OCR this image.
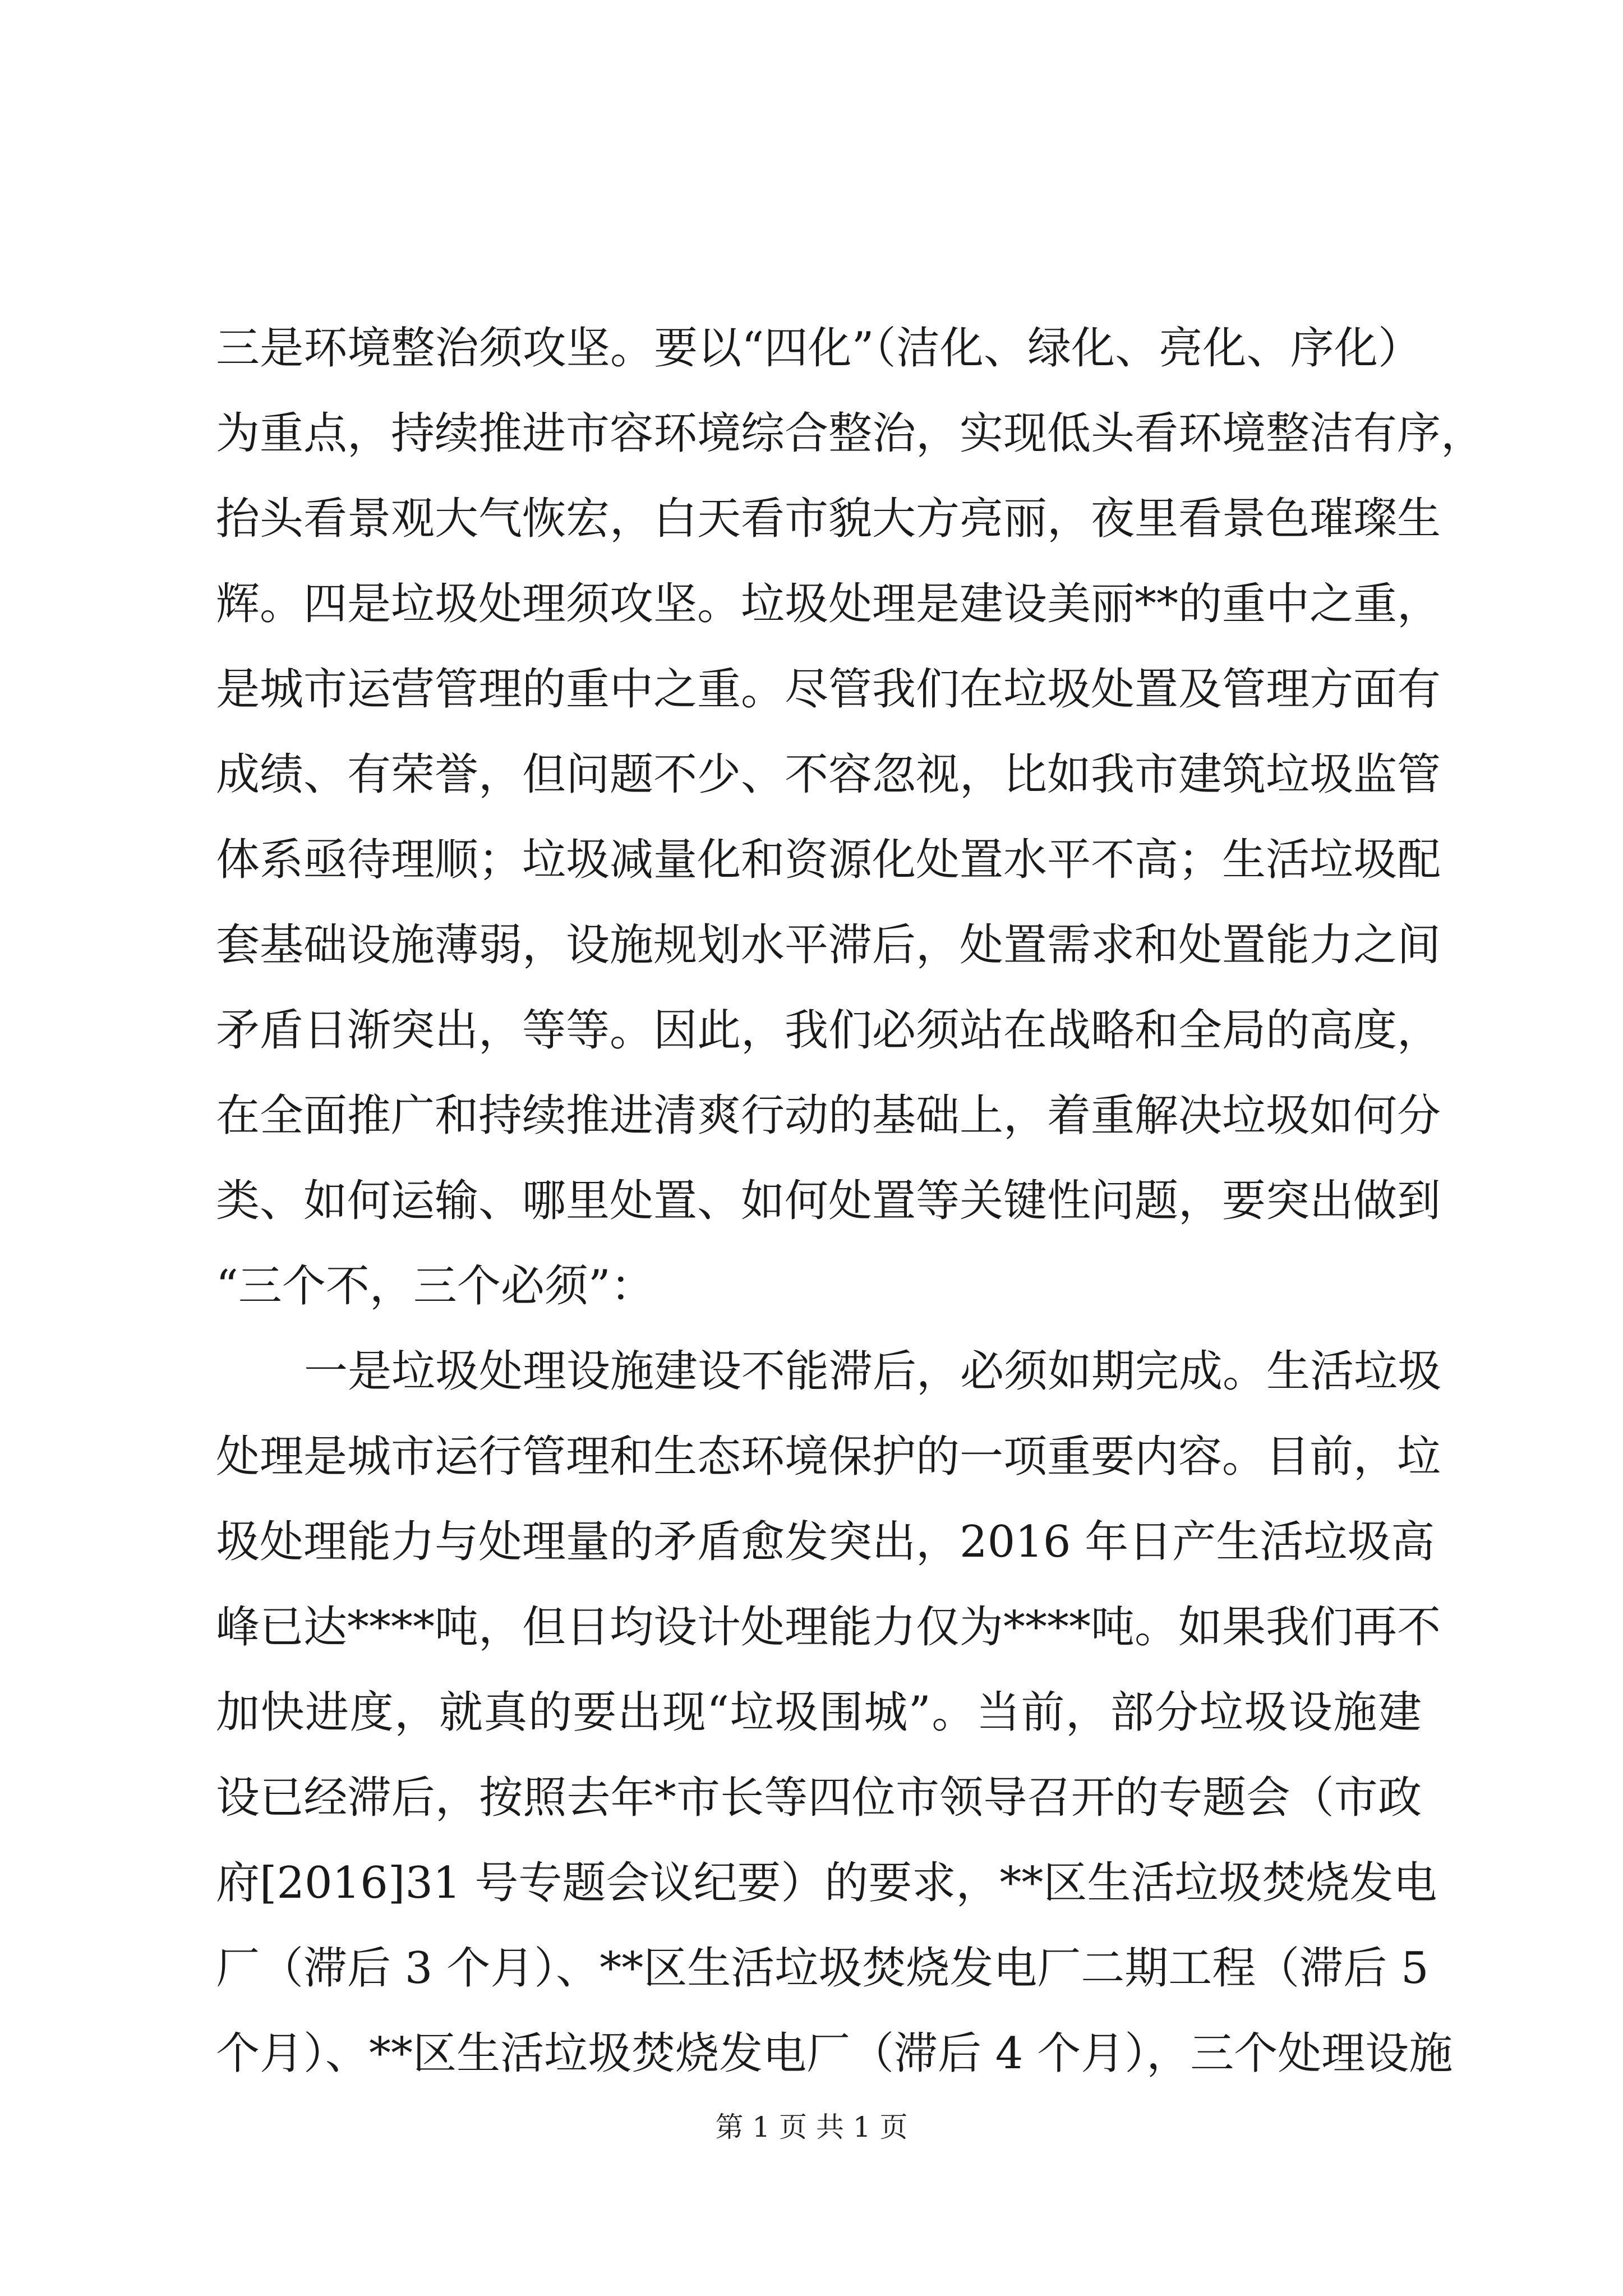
三是环境整治须攻坚。要以“四化”（洁化、绿化、亮化、序化）
为重点，持续推进市容环境综合整治，实现低头看环境整洁有序，
抬头看景观大气恢宏，白天看市貌大方亮丽，夜里看景色璀璨生
辉。四是垃圾处理须攻坚。垃圾处理是建设美丽**的重中之重，
是城市运营管理的重中之重。尽管我们在垃圾处置及管理方面有
成绩、有荣誉，但问题不少、不容忽视，比如我市建筑垃圾监管
体系亟待理顺；垃圾减量化和资源化处置水平不高；生活垃圾配
套基础设施薄弱，设施规划水平滞后，处置需求和处置能力之间
矛盾日渐突出，等等。因此，我们必须站在战略和全局的高度，
在全面推广和持续推进清爽行动的基础上，着重解决垃圾如何分
类、如何运输、哪里处置、如何处置等关键性问题，要突出做到
“三个不，三个必须”：
一是垃圾处理设施建设不能滞后，必须如期完成。生活垃圾
处理是城市运行管理和生态环境保护的一项重要内容。目前，垃
圾处理能力与处理量的矛盾愈发突出，2016 年日产生活垃圾高
峰已达****吨，但日均设计处理能力仅为****吨。如果我们再不
加快进度，就真的要出现“垃圾围城”。当前，部分垃圾设施建
设已经滞后，按照去年*市长等四位市领导召开的专题会（市政
府[2016]31 号专题会议纪要）的要求，**区生活垃圾焚烧发电
厂（滞后 3 个月）、**区生活垃圾焚烧发电厂二期工程（滞后 5
个月）、**区生活垃圾焚烧发电厂（滞后 4 个月），三个处理设施
第 1 页 共 1 页
